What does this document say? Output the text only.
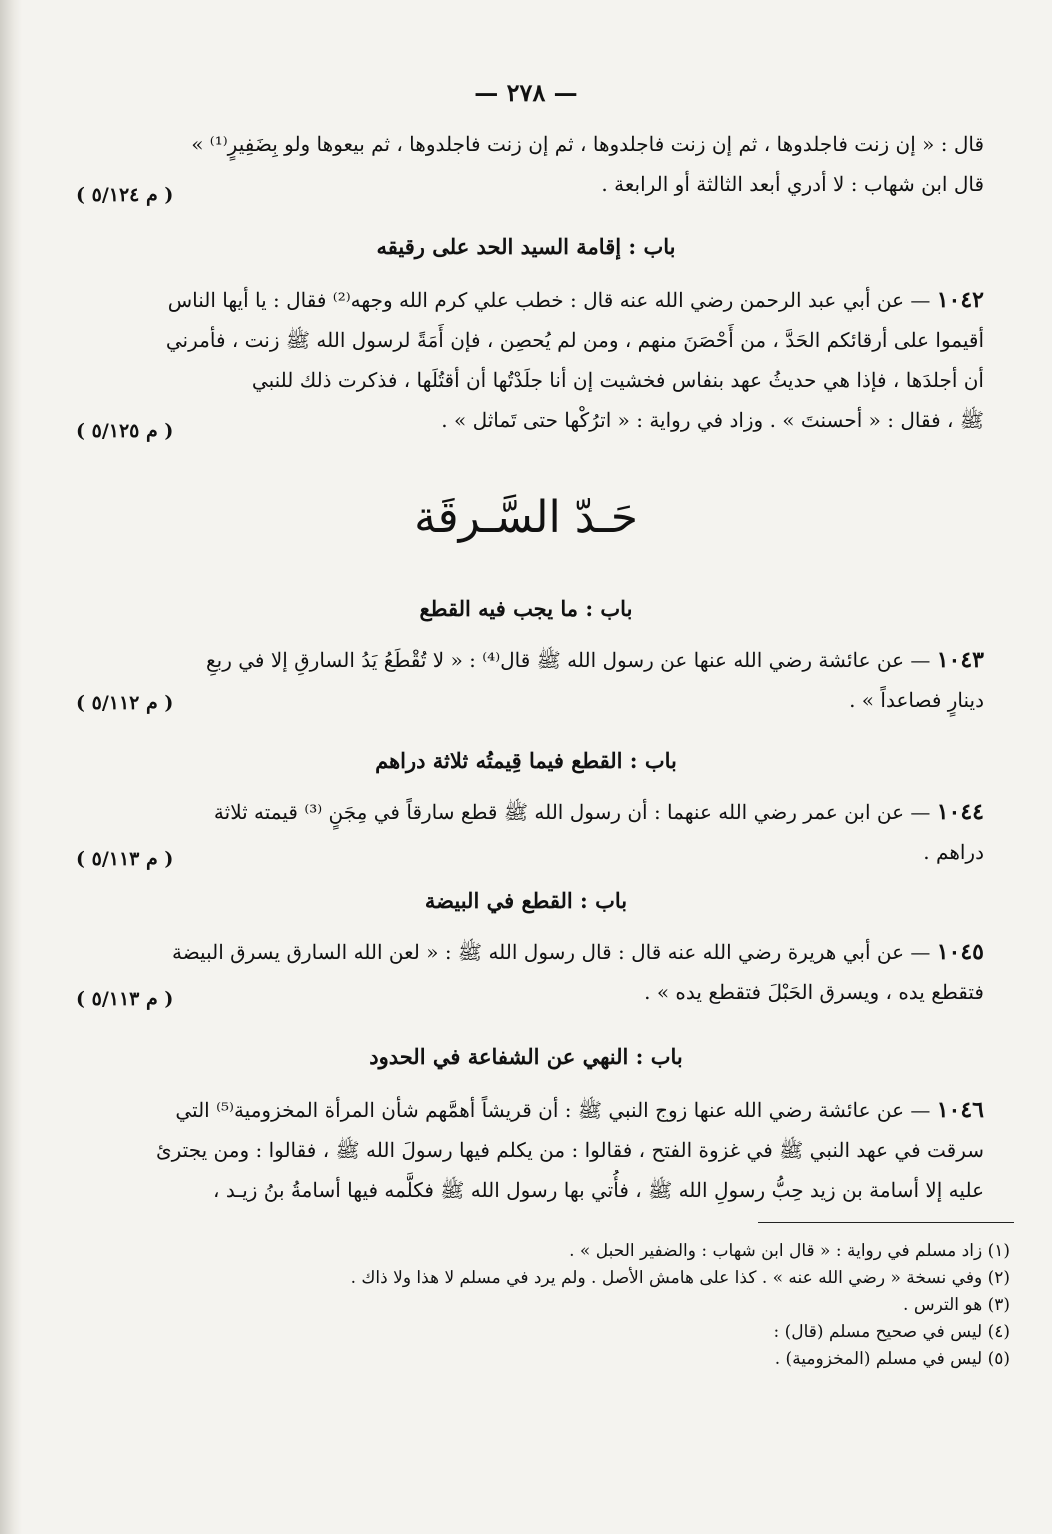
— ٢٧٨ —
قال : « إن زنت فاجلدوها ، ثم إن زنت فاجلدوها ، ثم إن زنت فاجلدوها ، ثم بيعوها ولو بِضَفِيرٍ⁽¹⁾ »
قال ابن شهاب : لا أدري أبعد الثالثة أو الرابعة .
( م ٥/١٢٤ )
باب : إقامة السيد الحد على رقيقه
١٠٤٢ — عن أبي عبد الرحمن رضي الله عنه قال : خطب علي كرم الله وجهه⁽²⁾ فقال : يا أيها الناس
أقيموا على أرقائكم الحَدَّ ، من أَحْصَنَ منهم ، ومن لم يُحصِن ، فإن أَمَةً لرسول الله ﷺ زنت ، فأمرني
أن أجلدَها ، فإذا هي حديثُ عهد بنفاس فخشيت إن أنا جلَدْتُها أن أقتُلَها ، فذكرت ذلك للنبي
ﷺ ، فقال : « أحسنتَ » . وزاد في رواية : « اترُكْها حتى تَماثل » .
( م ٥/١٢٥ )
حَـدّ السَّـرقَة
باب : ما يجب فيه القطع
١٠٤٣ — عن عائشة رضي الله عنها عن رسول الله ﷺ قال⁽⁴⁾ : « لا تُقْطَعُ يَدُ السارقِ إلا في ربعِ
دينارٍ فصاعداً » .
( م ٥/١١٢ )
باب : القطع فيما قِيمتُه ثلاثة دراهم
١٠٤٤ — عن ابن عمر رضي الله عنهما : أن رسول الله ﷺ قطع سارقاً في مِجَنٍ ⁽³⁾ قيمته ثلاثة
دراهم .
( م ٥/١١٣ )
باب : القطع في البيضة
١٠٤٥ — عن أبي هريرة رضي الله عنه قال : قال رسول الله ﷺ : « لعن الله السارق يسرق البيضة
فتقطع يده ، ويسرق الحَبْلَ فتقطع يده » .
( م ٥/١١٣ )
باب : النهي عن الشفاعة في الحدود
١٠٤٦ — عن عائشة رضي الله عنها زوج النبي ﷺ : أن قريشاً أهمَّهم شأن المرأة المخزومية⁽⁵⁾ التي
سرقت في عهد النبي ﷺ في غزوة الفتح ، فقالوا : من يكلم فيها رسولَ الله ﷺ ، فقالوا : ومن يجترئ
عليه إلا أسامة بن زيد حِبُّ رسولِ الله ﷺ ، فأُتي بها رسول الله ﷺ فكلَّمه فيها أسامةُ بنُ زيـد ،
(١) زاد مسلم في رواية : « قال ابن شهاب : والضفير الحبل » .
(٢) وفي نسخة « رضي الله عنه » . كذا على هامش الأصل . ولم يرد في مسلم لا هذا ولا ذاك .
(٣) هو الترس .
(٤) ليس في صحيح مسلم (قال) :
(٥) ليس في مسلم (المخزومية) .
